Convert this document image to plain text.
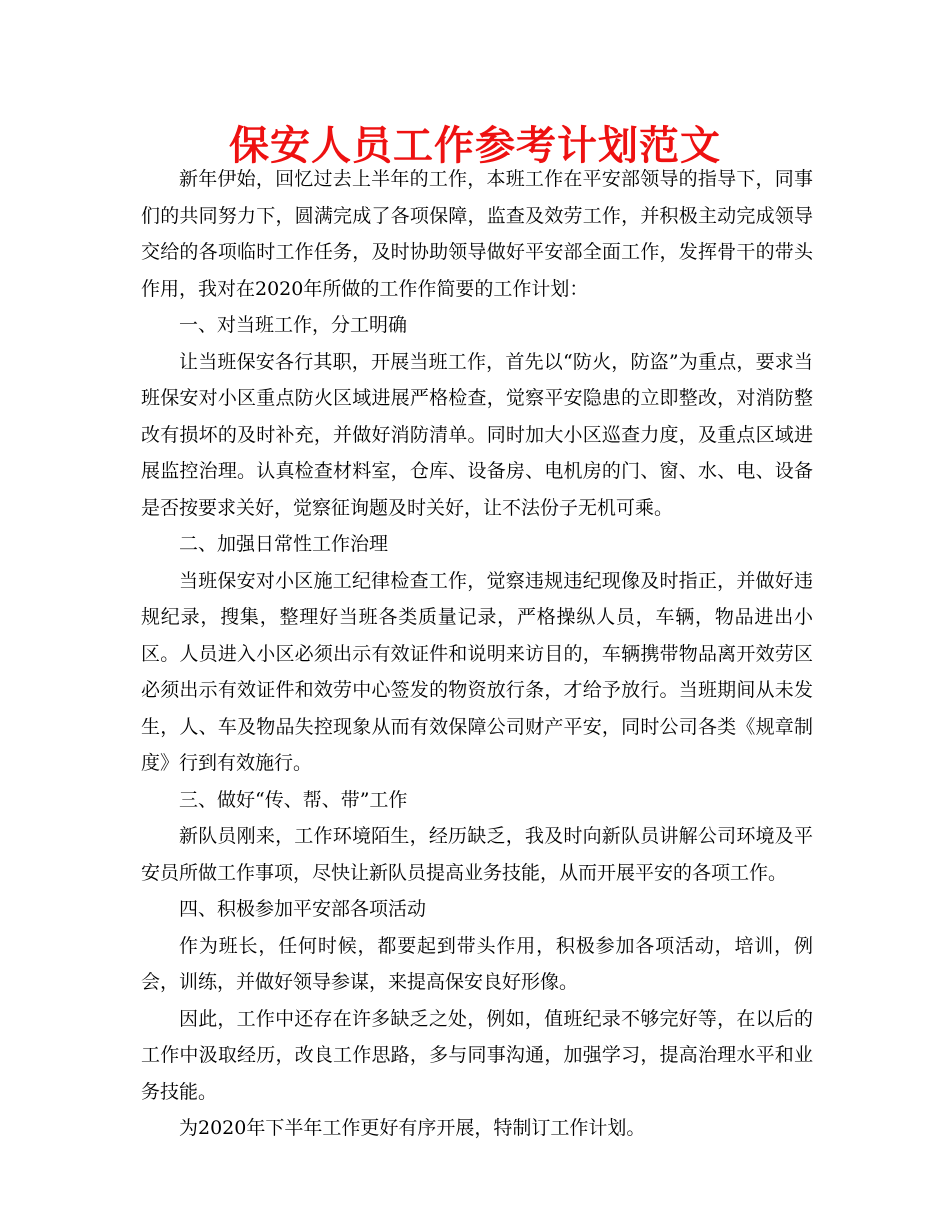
保安人员工作参考计划范文

新年伊始，回忆过去上半年的工作，本班工作在平安部领导的指导下，同事们的共同努力下，圆满完成了各项保障，监查及效劳工作，并积极主动完成领导交给的各项临时工作任务，及时协助领导做好平安部全面工作，发挥骨干的带头作用，我对在2020年所做的工作作简要的工作计划：

一、对当班工作，分工明确

让当班保安各行其职，开展当班工作，首先以“防火，防盗”为重点，要求当班保安对小区重点防火区域进展严格检查，觉察平安隐患的立即整改，对消防整改有损坏的及时补充，并做好消防清单。同时加大小区巡查力度，及重点区域进展监控治理。认真检查材料室，仓库、设备房、电机房的门、窗、水、电、设备是否按要求关好，觉察征询题及时关好，让不法份子无机可乘。

二、加强日常性工作治理

当班保安对小区施工纪律检查工作，觉察违规违纪现像及时指正，并做好违规纪录，搜集，整理好当班各类质量记录，严格操纵人员，车辆，物品进出小区。人员进入小区必须出示有效证件和说明来访目的，车辆携带物品离开效劳区必须出示有效证件和效劳中心签发的物资放行条，才给予放行。当班期间从未发生，人、车及物品失控现象从而有效保障公司财产平安，同时公司各类《规章制度》行到有效施行。

三、做好“传、帮、带”工作

新队员刚来，工作环境陌生，经历缺乏，我及时向新队员讲解公司环境及平安员所做工作事项，尽快让新队员提高业务技能，从而开展平安的各项工作。

四、积极参加平安部各项活动

作为班长，任何时候，都要起到带头作用，积极参加各项活动，培训，例会，训练，并做好领导参谋，来提高保安良好形像。

因此，工作中还存在许多缺乏之处，例如，值班纪录不够完好等，在以后的工作中汲取经历，改良工作思路，多与同事沟通，加强学习，提高治理水平和业务技能。

为2020年下半年工作更好有序开展，特制订工作计划。
